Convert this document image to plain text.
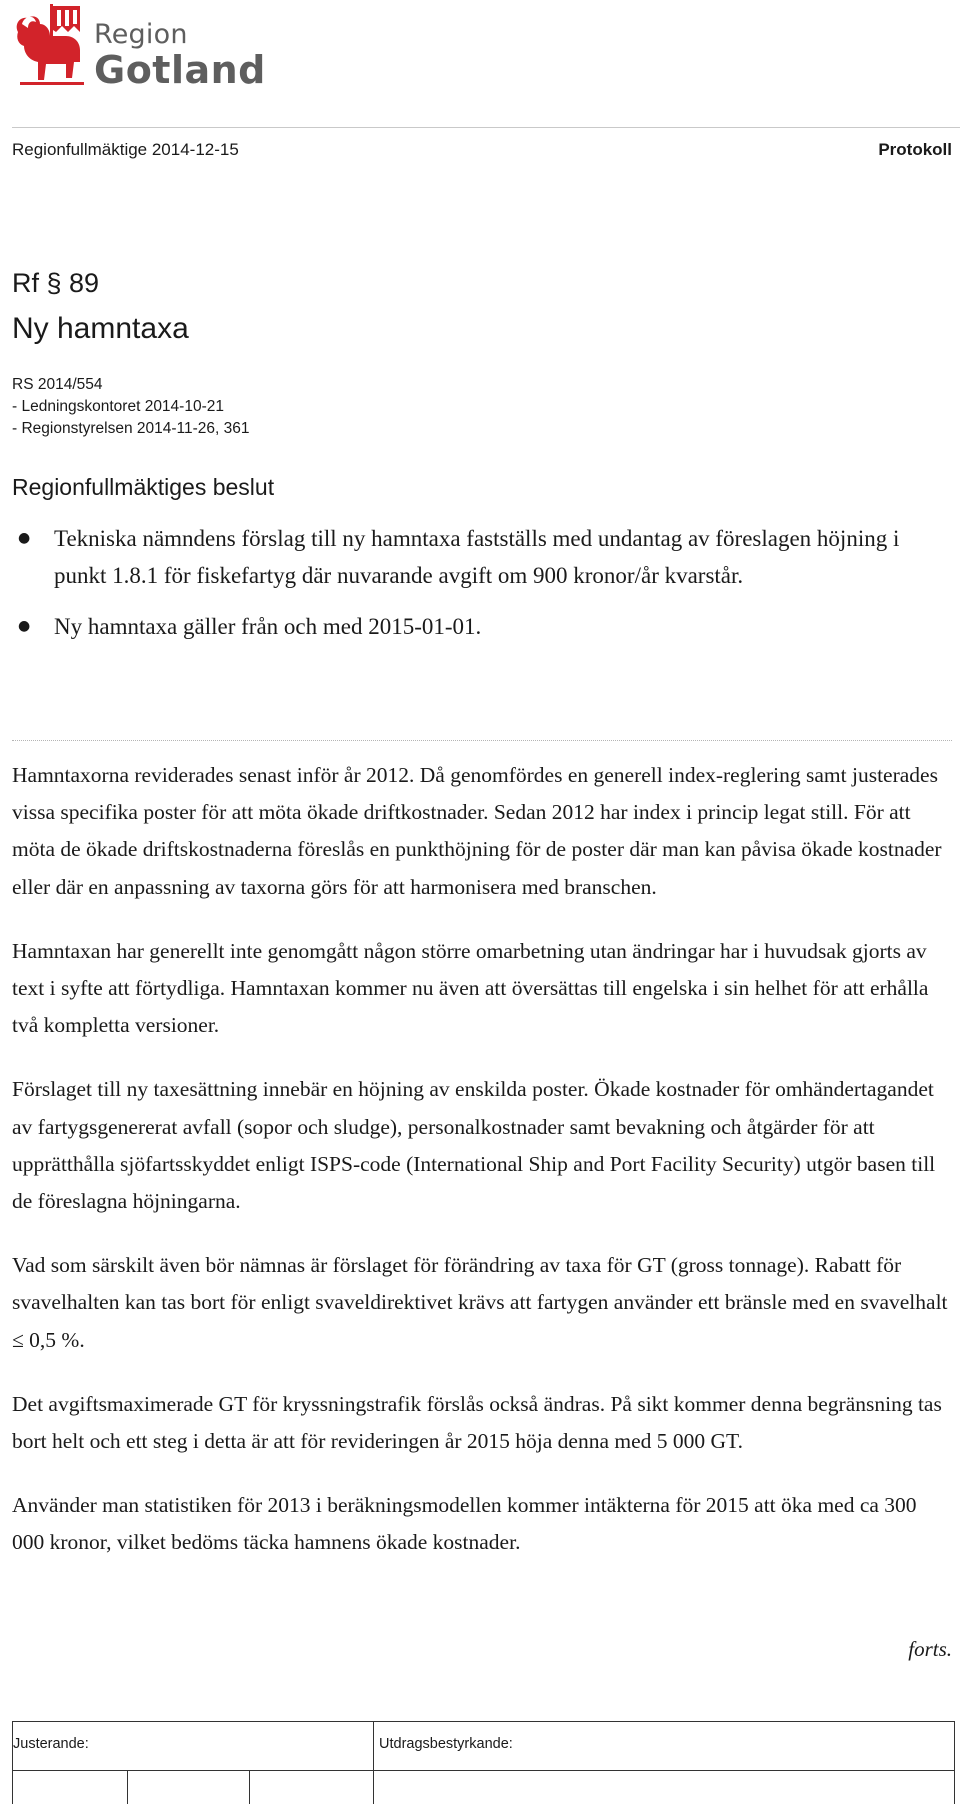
Region
Gotland
Regionfullmäktige 2014-12-15	Protokoll
Rf § 89
Ny hamntaxa
RS 2014/554
- Ledningskontoret 2014-10-21
- Regionstyrelsen 2014-11-26, 361
Regionfullmäktiges beslut
● Tekniska nämndens förslag till ny hamntaxa fastställs med undantag av föreslagen höjning i punkt 1.8.1 för fiskefartyg där nuvarande avgift om 900 kronor/år kvarstår.
● Ny hamntaxa gäller från och med 2015-01-01.

Hamntaxorna reviderades senast inför år 2012. Då genomfördes en generell index-reglering samt justerades vissa specifika poster för att möta ökade driftkostnader. Sedan 2012 har index i princip legat still. För att möta de ökade driftskostnaderna föreslås en punkthöjning för de poster där man kan påvisa ökade kostnader eller där en anpassning av taxorna görs för att harmonisera med branschen.

Hamntaxan har generellt inte genomgått någon större omarbetning utan ändringar har i huvudsak gjorts av text i syfte att förtydliga. Hamntaxan kommer nu även att översättas till engelska i sin helhet för att erhålla två kompletta versioner.

Förslaget till ny taxesättning innebär en höjning av enskilda poster. Ökade kostnader för omhändertagandet av fartygsgenererat avfall (sopor och sludge), personalkostnader samt bevakning och åtgärder för att upprätthålla sjöfartsskyddet enligt ISPS-code (International Ship and Port Facility Security) utgör basen till de föreslagna höjningarna.

Vad som särskilt även bör nämnas är förslaget för förändring av taxa för GT (gross tonnage). Rabatt för svavelhalten kan tas bort för enligt svaveldirektivet krävs att fartygen använder ett bränsle med en svavelhalt ≤ 0,5 %.

Det avgiftsmaximerade GT för kryssningstrafik förslås också ändras. På sikt kommer denna begränsning tas bort helt och ett steg i detta är att för revideringen år 2015 höja denna med 5 000 GT.

Använder man statistiken för 2013 i beräkningsmodellen kommer intäkterna för 2015 att öka med ca 300 000 kronor, vilket bedöms täcka hamnens ökade kostnader.

forts.
Justerande:	Utdragsbestyrkande:
